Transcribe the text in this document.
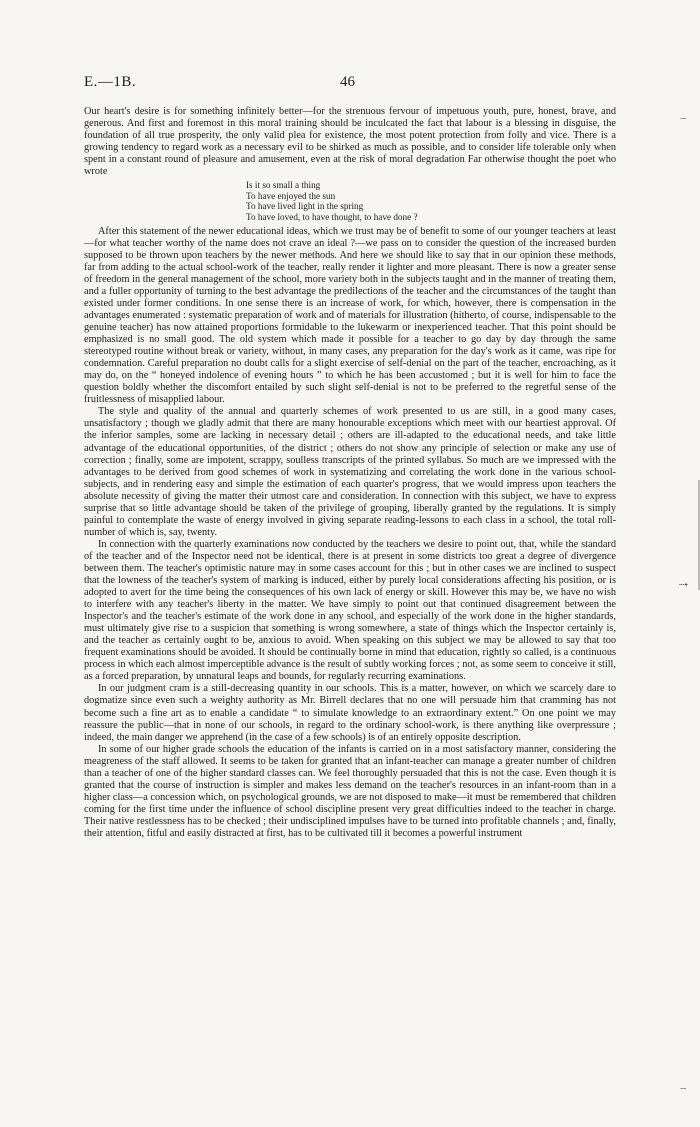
E.—1B.	46

Our heart's desire is for something infinitely better—for the strenuous fervour of impetuous youth, pure, honest, brave, and generous. And first and foremost in this moral training should be inculcated the fact that labour is a blessing in disguise, the foundation of all true prosperity, the only valid plea for existence, the most potent protection from folly and vice. There is a growing tendency to regard work as a necessary evil to be shirked as much as possible, and to consider life tolerable only when spent in a constant round of pleasure and amusement, even at the risk of moral degradation Far otherwise thought the poet who wrote

Is it so small a thing
To have enjoyed the sun
To have lived light in the spring
To have loved, to have thought, to have done ?

After this statement of the newer educational ideas, which we trust may be of benefit to some of our younger teachers at least—for what teacher worthy of the name does not crave an ideal ?—we pass on to consider the question of the increased burden supposed to be thrown upon teachers by the newer methods. And here we should like to say that in our opinion these methods, far from adding to the actual school-work of the teacher, really render it lighter and more pleasant. There is now a greater sense of freedom in the general management of the school, more variety both in the subjects taught and in the manner of treating them, and a fuller opportunity of turning to the best advantage the predilections of the teacher and the circumstances of the taught than existed under former conditions. In one sense there is an increase of work, for which, however, there is compensation in the advantages enumerated : systematic preparation of work and of materials for illustration (hitherto, of course, indispensable to the genuine teacher) has now attained proportions formidable to the lukewarm or inexperienced teacher. That this point should be emphasized is no small good. The old system which made it possible for a teacher to go day by day through the same stereotyped routine without break or variety, without, in many cases, any preparation for the day's work as it came, was ripe for condemnation. Careful preparation no doubt calls for a slight exercise of self-denial on the part of the teacher, encroaching, as it may do, on the “ honeyed indolence of evening hours ” to which he has been accustomed ; but it is well for him to face the question boldly whether the discomfort entailed by such slight self-denial is not to be preferred to the regretful sense of the fruitlessness of misapplied labour.

The style and quality of the annual and quarterly schemes of work presented to us are still, in a good many cases, unsatisfactory ; though we gladly admit that there are many honourable exceptions which meet with our heartiest approval. Of the inferior samples, some are lacking in necessary detail ; others are ill-adapted to the educational needs, and take little advantage of the educational opportunities, of the district ; others do not show any principle of selection or make any use of correction ; finally, some are impotent, scrappy, soulless transcripts of the printed syllabus. So much are we impressed with the advantages to be derived from good schemes of work in systematizing and correlating the work done in the various school-subjects, and in rendering easy and simple the estimation of each quarter's progress, that we would impress upon teachers the absolute necessity of giving the matter their utmost care and consideration. In connection with this subject, we have to express surprise that so little advantage should be taken of the privilege of grouping, liberally granted by the regulations. It is simply painful to contemplate the waste of energy involved in giving separate reading-lessons to each class in a school, the total roll-number of which is, say, twenty.

In connection with the quarterly examinations now conducted by the teachers we desire to point out, that, while the standard of the teacher and of the Inspector need not be identical, there is at present in some districts too great a degree of divergence between them. The teacher's optimistic nature may in some cases account for this ; but in other cases we are inclined to suspect that the lowness of the teacher's system of marking is induced, either by purely local considerations affecting his position, or is adopted to avert for the time being the consequences of his own lack of energy or skill. However this may be, we have no wish to interfere with any teacher's liberty in the matter. We have simply to point out that continued disagreement between the Inspector's and the teacher's estimate of the work done in any school, and especially of the work done in the higher standards, must ultimately give rise to a suspicion that something is wrong somewhere, a state of things which the Inspector certainly is, and the teacher as certainly ought to be, anxious to avoid. When speaking on this subject we may be allowed to say that too frequent examinations should be avoided. It should be continually borne in mind that education, rightly so called, is a continuous process in which each almost imperceptible advance is the result of subtly working forces ; not, as some seem to conceive it still, as a forced preparation, by unnatural leaps and bounds, for regularly recurring examinations.

In our judgment cram is a still-decreasing quantity in our schools. This is a matter, however, on which we scarcely dare to dogmatize since even such a weighty authority as Mr. Birrell declares that no one will persuade him that cramming has not become such a fine art as to enable a candidate “ to simulate knowledge to an extraordinary extent.” On one point we may reassure the public—that in none of our schools, in regard to the ordinary school-work, is there anything like overpressure ; indeed, the main danger we apprehend (in the case of a few schools) is of an entirely opposite description.

In some of our higher grade schools the education of the infants is carried on in a most satisfactory manner, considering the meagreness of the staff allowed. It seems to be taken for granted that an infant-teacher can manage a greater number of children than a teacher of one of the higher standard classes can. We feel thoroughly persuaded that this is not the case. Even though it is granted that the course of instruction is simpler and makes less demand on the teacher's resources in an infant-room than in a higher class—a concession which, on psychological grounds, we are not disposed to make—it must be remembered that children coming for the first time under the influence of school discipline present very great difficulties indeed to the teacher in charge. Their native restlessness has to be checked ; their undisciplined impulses have to be turned into profitable channels ; and, finally, their attention, fitful and easily distracted at first, has to be cultivated till it becomes a powerful instrument

–
⇢
–
